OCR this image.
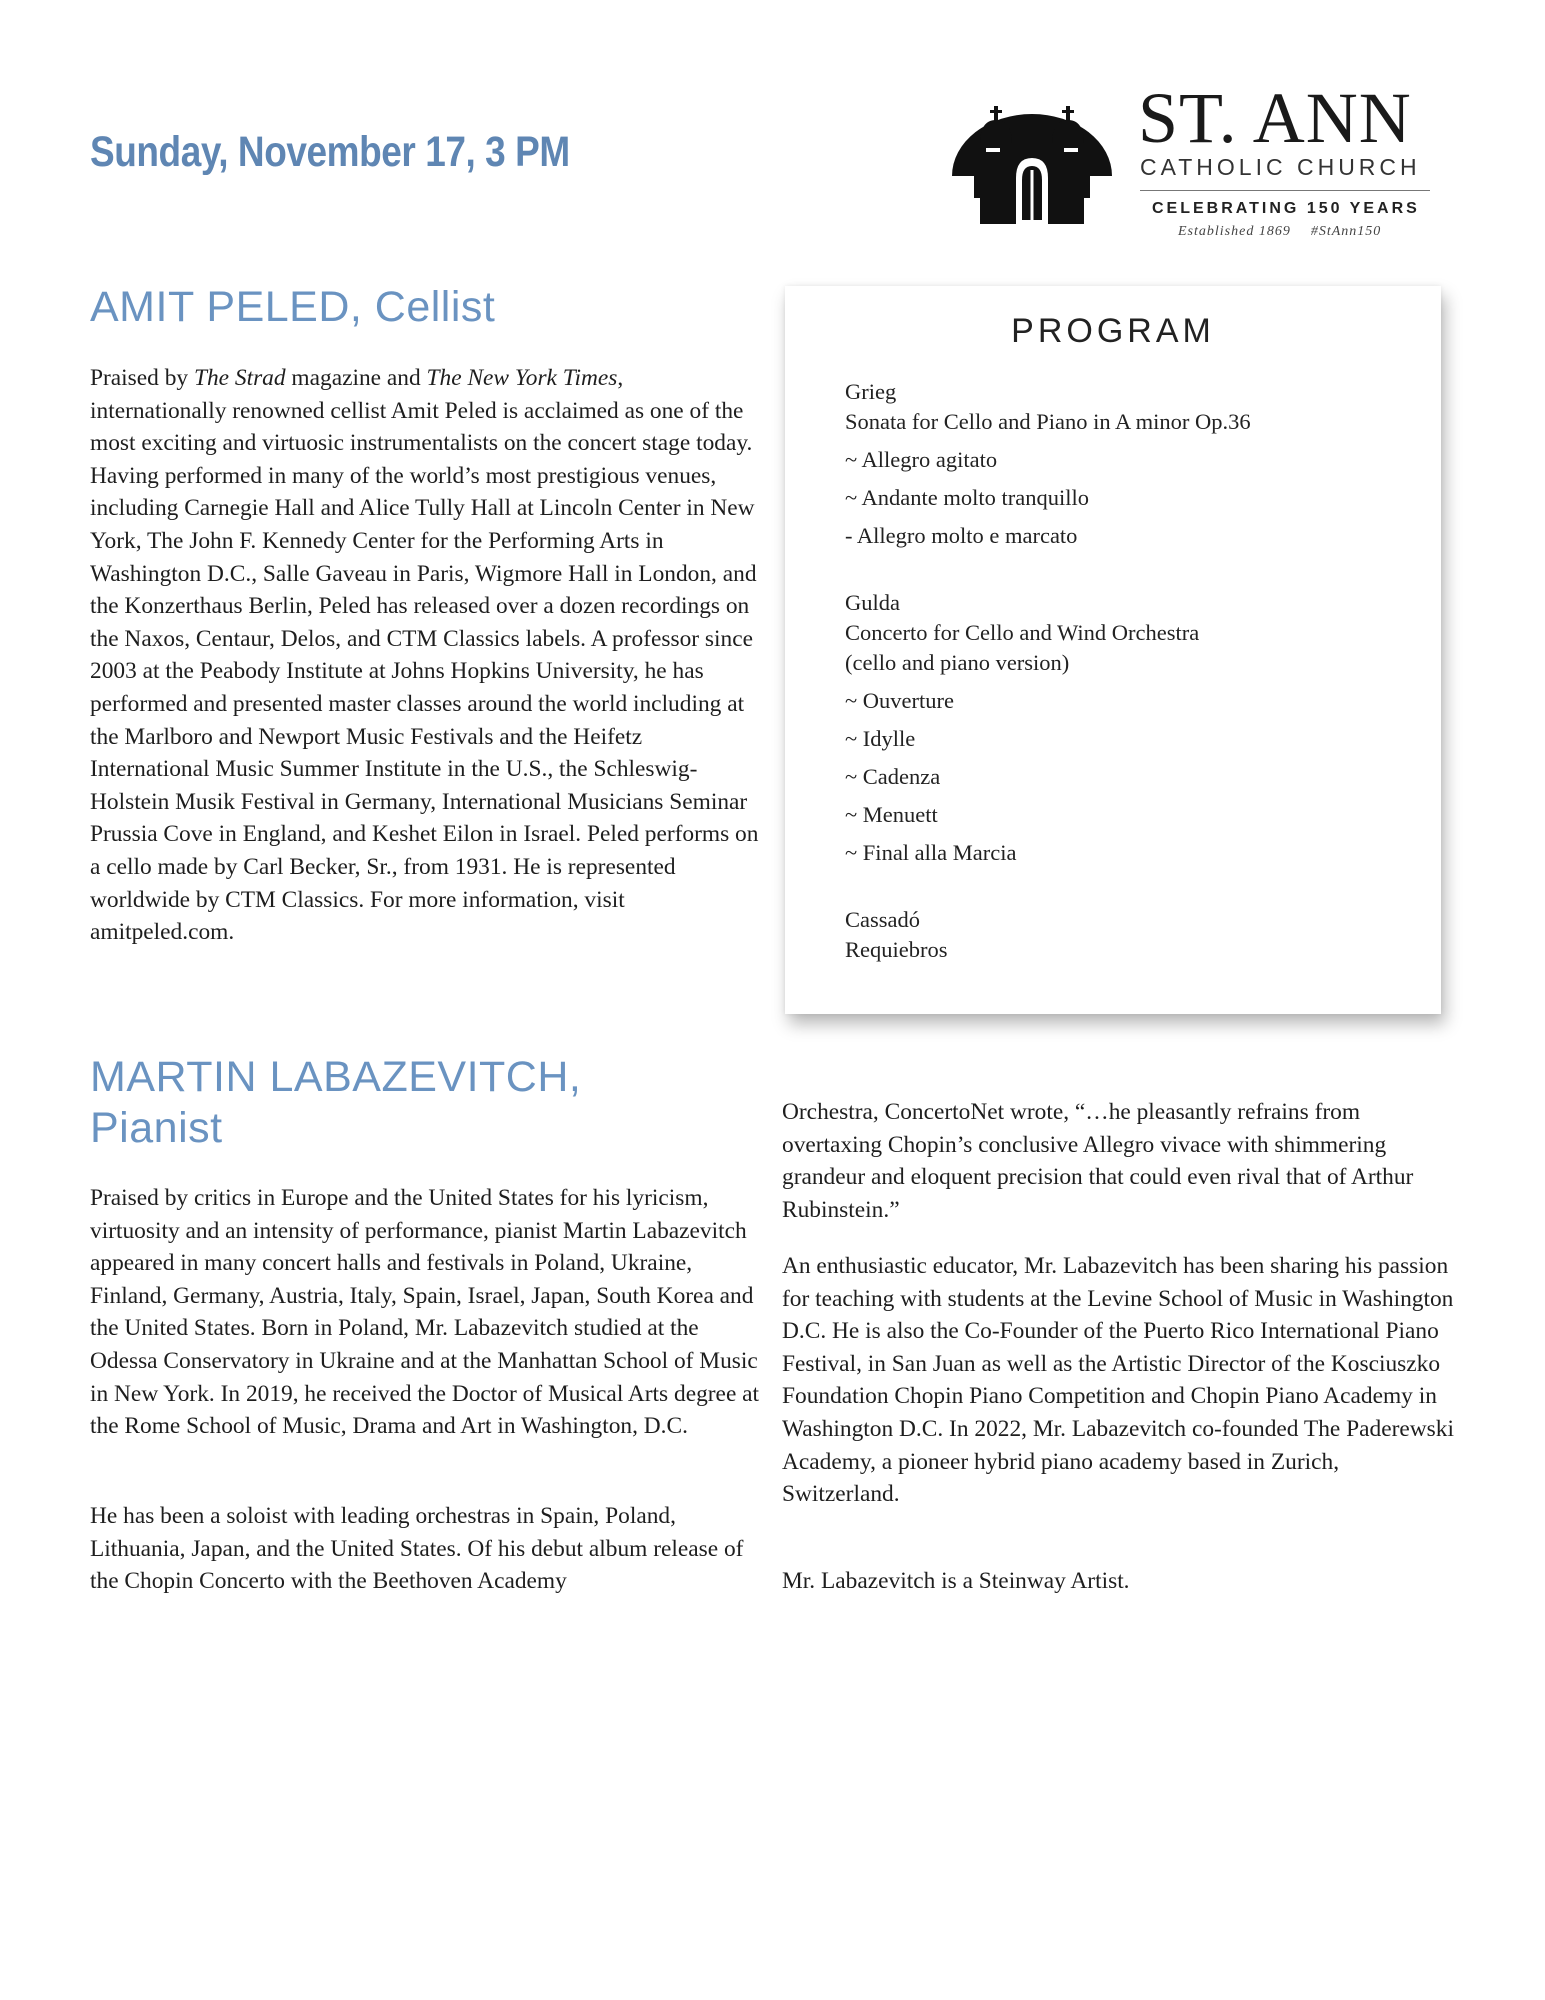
Sunday, November 17, 3 PM	ST. ANN
CATHOLIC CHURCH
CELEBRATING 150 YEARS
Established 1869 #StAnn150
AMIT PELED, Cellist

Praised by The Strad magazine and The New York Times, internationally renowned cellist Amit Peled is acclaimed as one of the most exciting and virtuosic instrumentalists on the concert stage today. Having performed in many of the world’s most prestigious venues, including Carnegie Hall and Alice Tully Hall at Lincoln Center in New York, The John F. Kennedy Center for the Performing Arts in Washington D.C., Salle Gaveau in Paris, Wigmore Hall in London, and the Konzerthaus Berlin, Peled has released over a dozen recordings on the Naxos, Centaur, Delos, and CTM Classics labels. A professor since 2003 at the Peabody Institute at Johns Hopkins University, he has performed and presented master classes around the world including at the Marlboro and Newport Music Festivals and the Heifetz International Music Summer Institute in the U.S., the Schleswig-Holstein Musik Festival in Germany, International Musicians Seminar Prussia Cove in England, and Keshet Eilon in Israel. Peled performs on a cello made by Carl Becker, Sr., from 1931. He is represented worldwide by CTM Classics. For more information, visit amitpeled.com.

PROGRAM
Grieg
Sonata for Cello and Piano in A minor Op.36
~ Allegro agitato
~ Andante molto tranquillo
- Allegro molto e marcato
Gulda
Concerto for Cello and Wind Orchestra
(cello and piano version)
~ Ouverture
~ Idylle
~ Cadenza
~ Menuett
~ Final alla Marcia
Cassadó
Requiebros
MARTIN LABAZEVITCH,
Pianist

Praised by critics in Europe and the United States for his lyricism, virtuosity and an intensity of performance, pianist Martin Labazevitch appeared in many concert halls and festivals in Poland, Ukraine, Finland, Germany, Austria, Italy, Spain, Israel, Japan, South Korea and the United States. Born in Poland, Mr. Labazevitch studied at the Odessa Conservatory in Ukraine and at the Manhattan School of Music in New York. In 2019, he received the Doctor of Musical Arts degree at the Rome School of Music, Drama and Art in Washington, D.C.

He has been a soloist with leading orchestras in Spain, Poland, Lithuania, Japan, and the United States. Of his debut album release of the Chopin Concerto with the Beethoven Academy

Orchestra, ConcertoNet wrote, “…he pleasantly refrains from overtaxing Chopin’s conclusive Allegro vivace with shimmering grandeur and eloquent precision that could even rival that of Arthur Rubinstein.”

An enthusiastic educator, Mr. Labazevitch has been sharing his passion for teaching with students at the Levine School of Music in Washington D.C. He is also the Co-Founder of the Puerto Rico International Piano Festival, in San Juan as well as the Artistic Director of the Kosciuszko Foundation Chopin Piano Competition and Chopin Piano Academy in Washington D.C. In 2022, Mr. Labazevitch co-founded The Paderewski Academy, a pioneer hybrid piano academy based in Zurich, Switzerland.

Mr. Labazevitch is a Steinway Artist.
